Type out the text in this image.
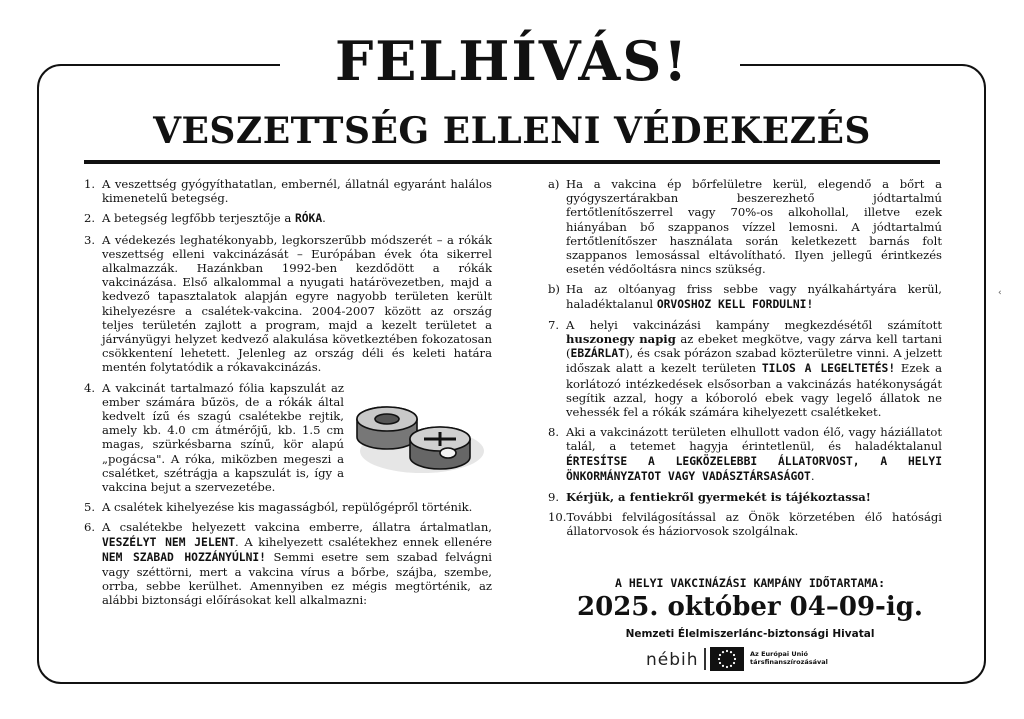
FELHÍVÁS!
VESZETTSÉG ELLENI VÉDEKEZÉS
1. A veszettség gyógyíthatatlan, embernél, állatnál egyaránt halálos kimenetelű betegség.
2. A betegség legfőbb terjesztője a RÓKA.
3. A védekezés leghatékonyabb, legkorszerűbb módszerét – a rókák veszettség elleni vakcinázását – Európában évek óta sikerrel alkalmazzák. Hazánkban 1992-ben kezdődött a rókák vakcinázása. Első alkalommal a nyugati határövezetben, majd a kedvező tapasztalatok alapján egyre nagyobb területen került kihelyezésre a csalétek-vakcina. 2004-2007 között az ország teljes területén zajlott a program, majd a kezelt területet a járványügyi helyzet kedvező alakulása következtében fokozatosan csökkentení lehetett. Jelenleg az ország déli és keleti határa mentén folytatódik a rókavakcinázás.
4. A vakcinát tartalmazó fólia kapszulát az ember számára bűzös, de a rókák által kedvelt ízű és szagú csalétekbe rejtik, amely kb. 4.0 cm átmérőjű, kb. 1.5 cm magas, szürkésbarna színű, kör alapú „pogácsa". A róka, miközben megeszi a csalétket, szétrágja a kapszulát is, így a vakcina bejut a szervezetébe.
5. A csalétek kihelyezése kis magasságból, repülőgépről történik.
6. A csalétekbe helyezett vakcina emberre, állatra ártalmatlan, VESZÉLYT NEM JELENT. A kihelyezett csalétekhez ennek ellenére NEM SZABAD HOZZÁNYÚLNI! Semmi esetre sem szabad felvágni vagy széttörni, mert a vakcina vírus a bőrbe, szájba, szembe, orrba, sebbe kerülhet. Amennyiben ez mégis megtörténik, az alábbi biztonsági előírásokat kell alkalmazni:
a) Ha a vakcina ép bőrfelületre kerül, elegendő a bőrt a gyógyszertárakban beszerezhető jódtartalmú fertőtlenítőszerrel vagy 70%-os alkohollal, illetve ezek hiányában bő szappanos vízzel lemosni. A jódtartalmú fertőtlenítőszer használata során keletkezett barnás folt szappanos lemosással eltávolítható. Ilyen jellegű érintkezés esetén védőoltásra nincs szükség.
b) Ha az oltóanyag friss sebbe vagy nyálkahártyára kerül, haladéktalanul ORVOSHOZ KELL FORDULNI!
7. A helyi vakcinázási kampány megkezdésétől számított huszonegy napig az ebeket megkötve, vagy zárva kell tartani (EBZÁRLAT), és csak pórázon szabad közterületre vinni. A jelzett időszak alatt a kezelt területen TILOS A LEGELTETÉS! Ezek a korlátozó intézkedések elsősorban a vakcinázás hatékonyságát segítik azzal, hogy a kóboroló ebek vagy legelő állatok ne vehessék fel a rókák számára kihelyezett csalétkeket.
8. Aki a vakcinázott területen elhullott vadon élő, vagy háziállatot talál, a tetemet hagyja érintetlenül, és haladéktalanul ÉRTESÍTSE A LEGKÖZELEBBI ÁLLATORVOST, A HELYI ÖNKORMÁNYZATOT VAGY VADÁSZTÁRSASÁGOT.
9. Kérjük, a fentiekről gyermekét is tájékoztassa!
10. További felvilágosítással az Önök körzetében élő hatósági állatorvosok és háziorvosok szolgálnak.
A HELYI VAKCINÁZÁSI KAMPÁNY IDŐTARTAMA:
2025. október 04–09-ig.
Nemzeti Élelmiszerlánc-biztonsági Hivatal
nébih	Az Európai Unió
társfinanszírozásával
‹
